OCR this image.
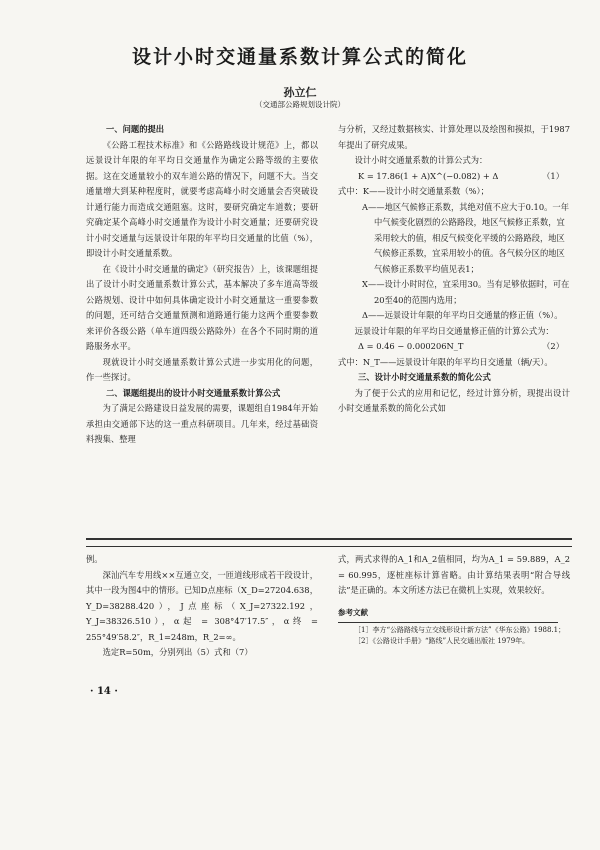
设计小时交通量系数计算公式的简化
孙立仁
（交通部公路规划设计院）
一、问题的提出

《公路工程技术标准》和《公路路线设计规范》上，都以远景设计年限的年平均日交通量作为确定公路等级的主要依据。这在交通量较小的双车道公路的情况下，问题不大。当交通量增大到某种程度时，就要考虑高峰小时交通量会否突破设计通行能力而造成交通阻塞。这时，要研究确定车道数；要研究确定某个高峰小时交通量作为设计小时交通量；还要研究设计小时交通量与远景设计年限的年平均日交通量的比值（%），即设计小时交通量系数。

在《设计小时交通量的确定》（研究报告）上，该课题组提出了设计小时交通量系数计算公式，基本解决了多车道高等级公路规划、设计中如何具体确定设计小时交通量这一重要参数的问题，还可结合交通量预测和道路通行能力这两个重要参数来评价各级公路（单车道四级公路除外）在各个不同时期的道路服务水平。

现就设计小时交通量系数计算公式进一步实用化的问题，作一些探讨。

二、课题组提出的设计小时交通量系数计算公式

为了满足公路建设日益发展的需要，课题组自1984年开始承担由交通部下达的这一重点科研项目。几年来，经过基础资料搜集、整理

与分析，又经过数据核实、计算处理以及绘图和摸拟，于1987年提出了研究成果。

设计小时交通量系数的计算公式为：

K = 17.86(1 + A)X^(−0.082) + Δ	（1）
式中：K——设计小时交通量系数（%）；
A——地区气候修正系数，其绝对值不应大于0.10。一年中气候变化剧烈的公路路段，地区气候修正系数，宜采用较大的值，相反气候变化平缓的公路路段，地区气候修正系数，宜采用较小的值。各气候分区的地区气候修正系数平均值见表1；
X——设计小时时位，宜采用30。当有足够依据时，可在20至40的范围内选用；
Δ——远景设计年限的年平均日交通量的修正值（%）。

远景设计年限的年平均日交通量修正值的计算公式为：

Δ = 0.46 − 0.000206N_T	（2）
式中：N_T——远景设计年限的年平均日交通量（辆/天）。
三、设计小时交通量系数的简化公式

为了便于公式的应用和记忆，经过计算分析，现提出设计小时交通量系数的简化公式如

例。

深汕汽车专用线××互通立交，一匝道线形成若干段设计，其中一段为图4中的情形。已知D点座标（X_D=27204.638，Y_D=38288.420），J点座标（X_J=27322.192，Y_J=38326.510），α起 = 308°47′17.5″，α终 = 255°49′58.2″，R_1=248m，R_2=∞。

选定R=50m，分别列出（5）式和（7）

式，两式求得的A_1和A_2值相同，均为A_1 = 59.889，A_2 = 60.995，逐桩座标计算省略。由计算结果表明“附合导线法”是正确的。本文所述方法已在微机上实现，效果较好。

参考文献
［1］李方“公路路线与立交线形设计新方法”《华东公路》1988.1；
［2］《公路设计手册》“路线”人民交通出版社 1979年。
· 14 ·
